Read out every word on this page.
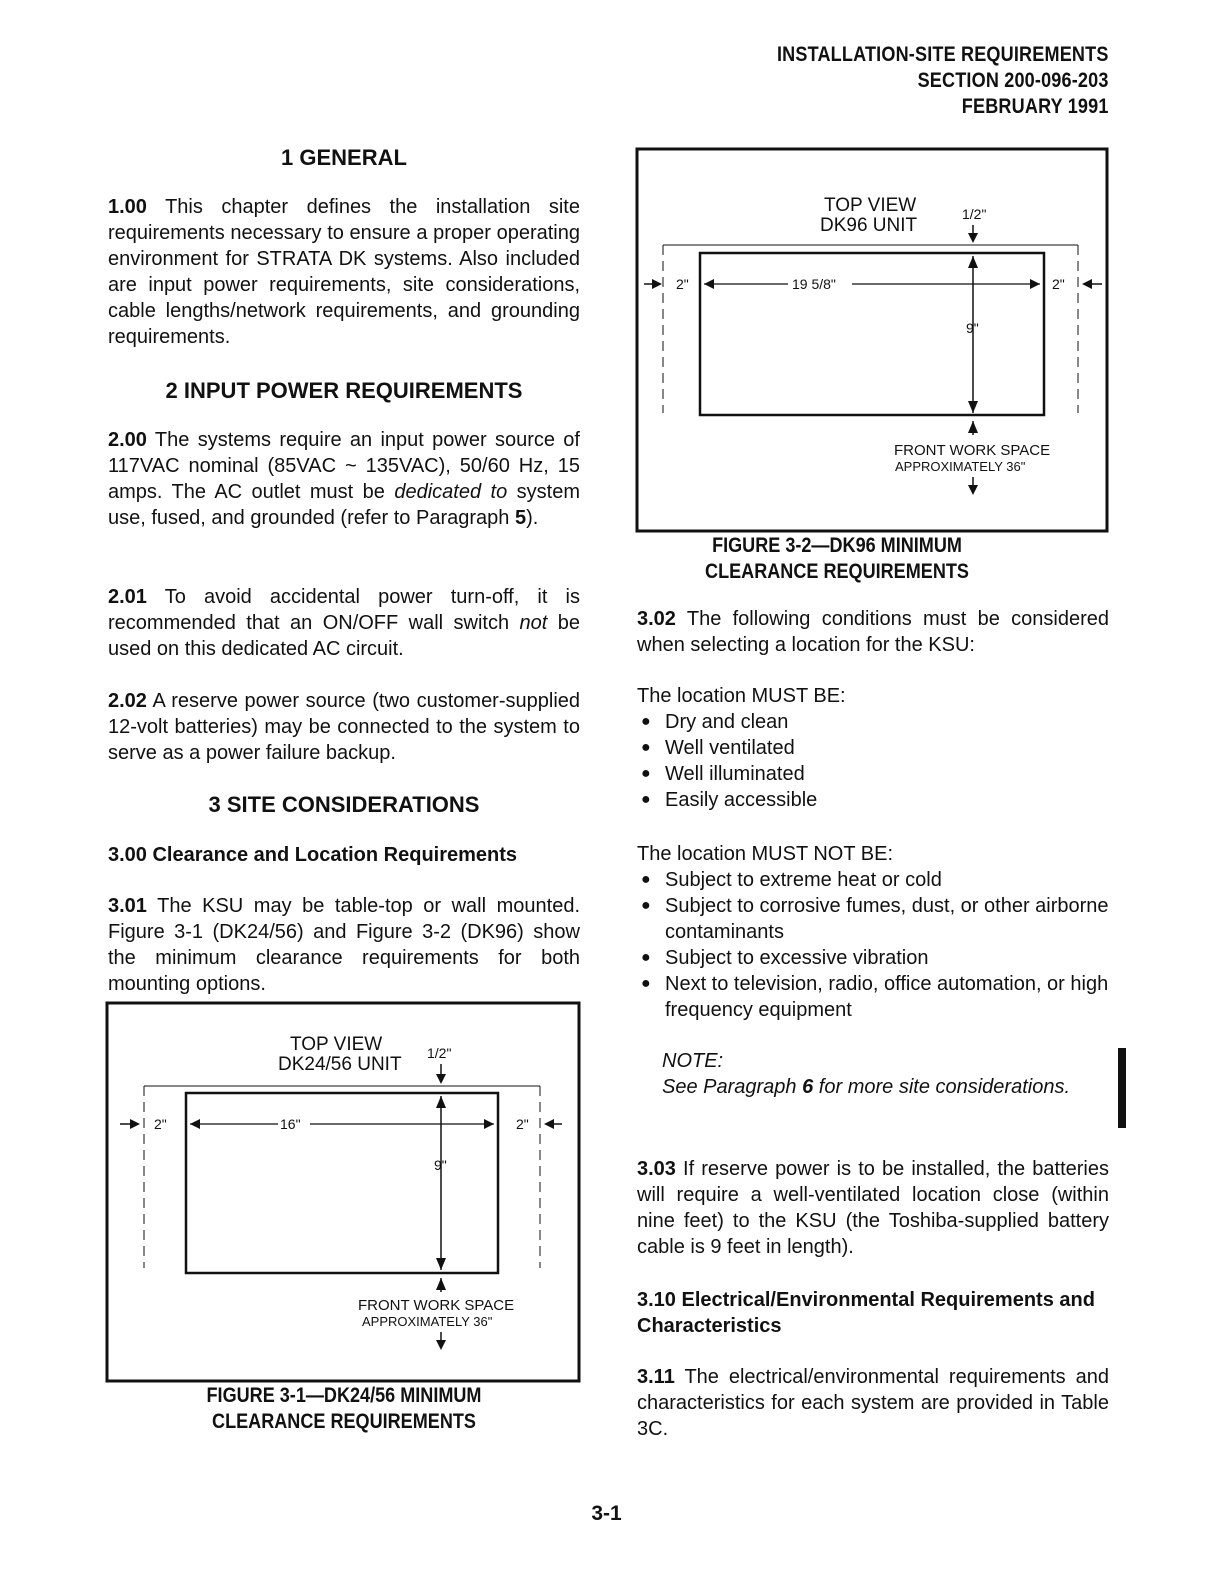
INSTALLATION-SITE REQUIREMENTS
SECTION 200-096-203
FEBRUARY 1991
1 GENERAL

1.00 This chapter defines the installation site requirements necessary to ensure a proper operating environment for STRATA DK systems. Also included are input power requirements, site considerations, cable lengths/network requirements, and grounding requirements.

2 INPUT POWER REQUIREMENTS

2.00 The systems require an input power source of 117VAC nominal (85VAC ~ 135VAC), 50/60 Hz, 15 amps. The AC outlet must be dedicated to system use, fused, and grounded (refer to Paragraph 5).

2.01 To avoid accidental power turn-off, it is recommended that an ON/OFF wall switch not be used on this dedicated AC circuit.

2.02 A reserve power source (two customer-supplied 12-volt batteries) may be connected to the system to serve as a power failure backup.

3 SITE CONSIDERATIONS
3.00 Clearance and Location Requirements

3.01 The KSU may be table-top or wall mounted. Figure 3-1 (DK24/56) and Figure 3-2 (DK96) show the minimum clearance requirements for both mounting options.

TOP VIEW
DK24/56 UNIT
1/2"
2"	2"
16"
9"
FRONT WORK SPACE
APPROXIMATELY 36"
FIGURE 3-1—DK24/56 MINIMUM
CLEARANCE REQUIREMENTS
TOP VIEW
DK96 UNIT
1/2"
2"	2"
19 5/8"
9"
FRONT WORK SPACE
APPROXIMATELY 36"
FIGURE 3-2—DK96 MINIMUM
CLEARANCE REQUIREMENTS

3.02 The following conditions must be considered when selecting a location for the KSU:

The location MUST BE:
● Dry and clean
● Well ventilated
● Well illuminated
● Easily accessible
The location MUST NOT BE:
● Subject to extreme heat or cold
● Subject to corrosive fumes, dust, or other airborne contaminants
● Subject to excessive vibration
● Next to television, radio, office automation, or high frequency equipment
NOTE:
See Paragraph 6 for more site considerations.

3.03 If reserve power is to be installed, the batteries will require a well-ventilated location close (within nine feet) to the KSU (the Toshiba-supplied battery cable is 9 feet in length).

3.10 Electrical/Environmental Requirements and Characteristics

3.11 The electrical/environmental requirements and characteristics for each system are provided in Table 3C.

3-1
